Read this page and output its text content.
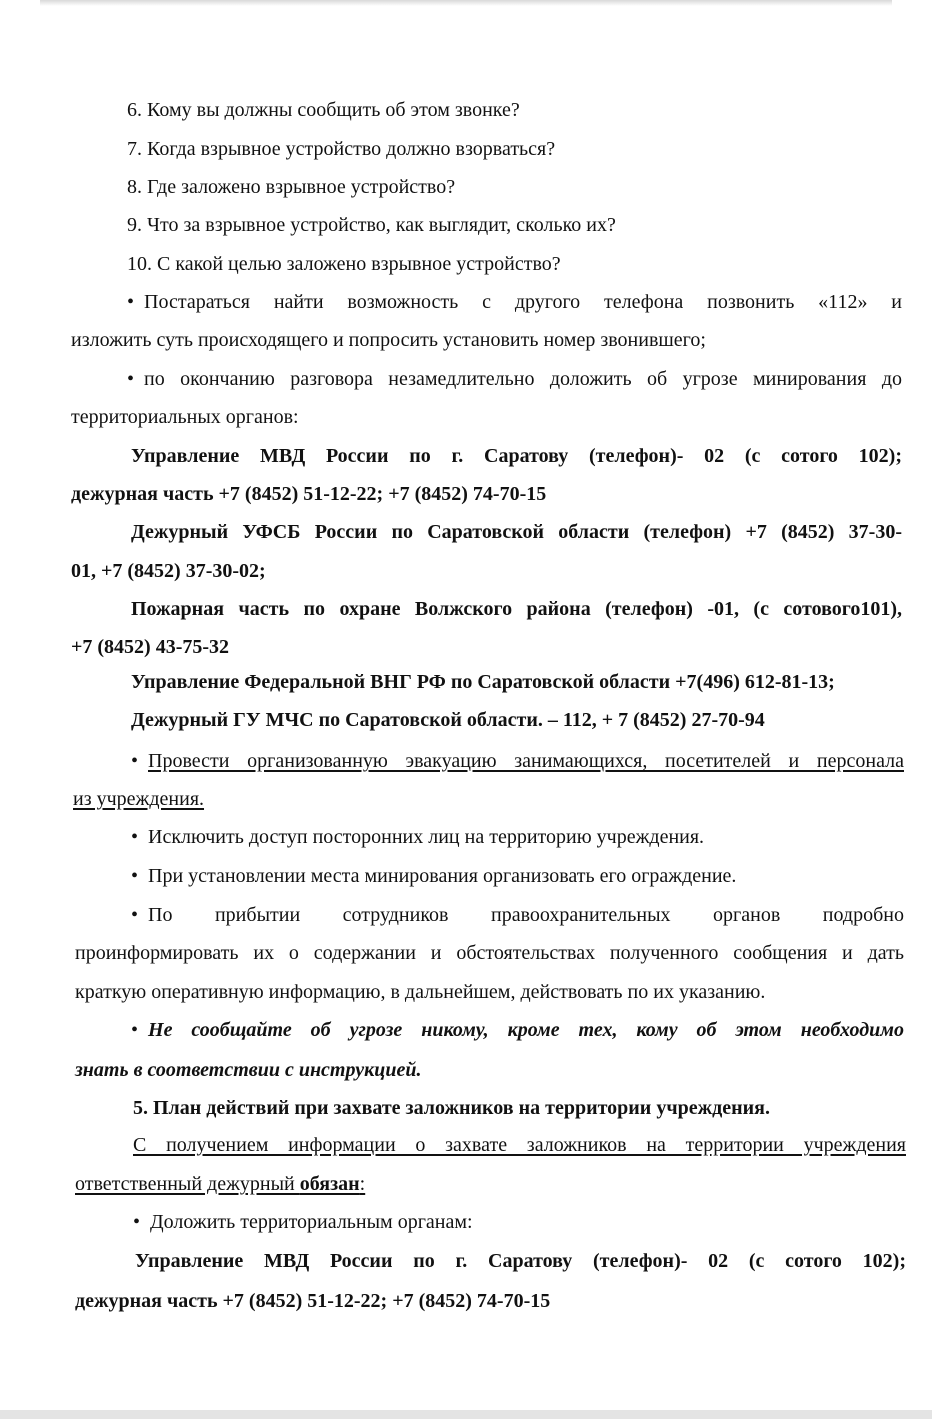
6. Кому вы должны сообщить об этом звонке?

7. Когда взрывное устройство должно взорваться?

8. Где заложено взрывное устройство?

9. Что за взрывное устройство, как выглядит, сколько их?

10. С какой целью заложено взрывное устройство?

• Постараться найти возможность с другого телефона позвонить «112» и

изложить суть происходящего и попросить установить номер звонившего;

• по окончанию разговора незамедлительно доложить об угрозе минирования до

территориальных органов:

Управление МВД России по г. Саратову (телефон)- 02 (с сотого 102);

дежурная часть +7 (8452) 51-12-22; +7 (8452) 74-70-15

Дежурный УФСБ России по Саратовской области (телефон) +7 (8452) 37-30-

01, +7 (8452) 37-30-02;

Пожарная часть по охране Волжского района (телефон) -01, (с сотового101),

+7 (8452) 43-75-32

Управление Федеральной ВНГ РФ по Саратовской области +7(496) 612-81-13;

Дежурный ГУ МЧС по Саратовской области. – 112, + 7 (8452) 27-70-94

• Провести организованную эвакуацию занимающихся, посетителей и персонала

из учреждения.

• Исключить доступ посторонних лиц на территорию учреждения.

• При установлении места минирования организовать его ограждение.

• По прибытии сотрудников правоохранительных органов подробно

проинформировать их о содержании и обстоятельствах полученного сообщения и дать

краткую оперативную информацию, в дальнейшем, действовать по их указанию.

• Не сообщайте об угрозе никому, кроме тех, кому об этом необходимо

знать в соответствии с инструкцией.

5. План действий при захвате заложников на территории учреждения.

С получением информации о захвате заложников на территории учреждения

ответственный дежурный обязан:

• Доложить территориальным органам:

Управление МВД России по г. Саратову (телефон)- 02 (с сотого 102);

дежурная часть +7 (8452) 51-12-22; +7 (8452) 74-70-15
